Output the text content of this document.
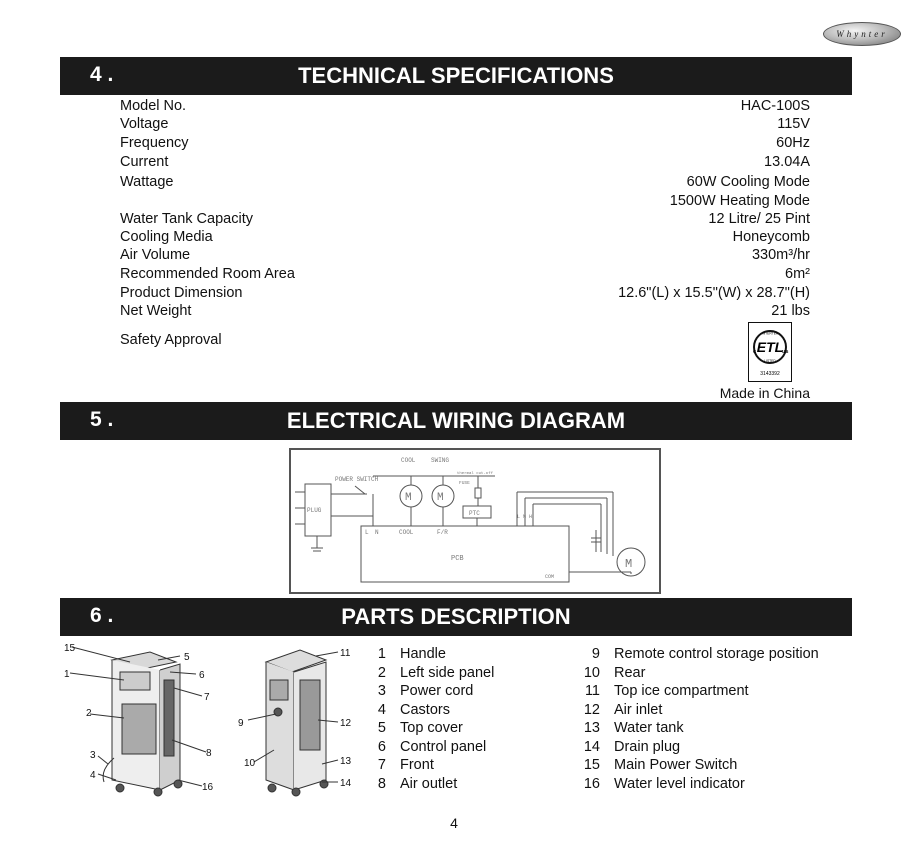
Whynter
4 .	TECHNICAL SPECIFICATIONS
Model No.	HAC-100S
Voltage	115V
Frequency	60Hz
Current	13.04A
Wattage	60W Cooling Mode
1500W Heating Mode
Water Tank Capacity	12 Litre/ 25 Pint
Cooling Media	Honeycomb
Air Volume	330m³/hr
Recommended Room Area	6m²
Product Dimension	12.6"(L) x 15.5"(W) x 28.7"(H)
Net Weight	21 lbs
Safety Approval	ETL
INTERTEK
LISTED
c	us
3143392
Made in China
5 .	ELECTRICAL WIRING DIAGRAM
POWER SWITCH
PLUG
COOL	SWING
thermal cut-off
FUSE
PTC
PCB
L N	COOL	F/R
L M H
COM
M M
M
6 .	PARTS DESCRIPTION
15
5
6
1
7
2
8
3
4
16
11
9	12
10	13
14
1 Handle
2 Left side panel
3 Power cord
4 Castors
5 Top cover
6 Control panel
7 Front
8 Air outlet
9 Remote control storage position
10 Rear
11 Top ice compartment
12 Air inlet
13 Water tank
14 Drain plug
15 Main Power Switch
16 Water level indicator
4
